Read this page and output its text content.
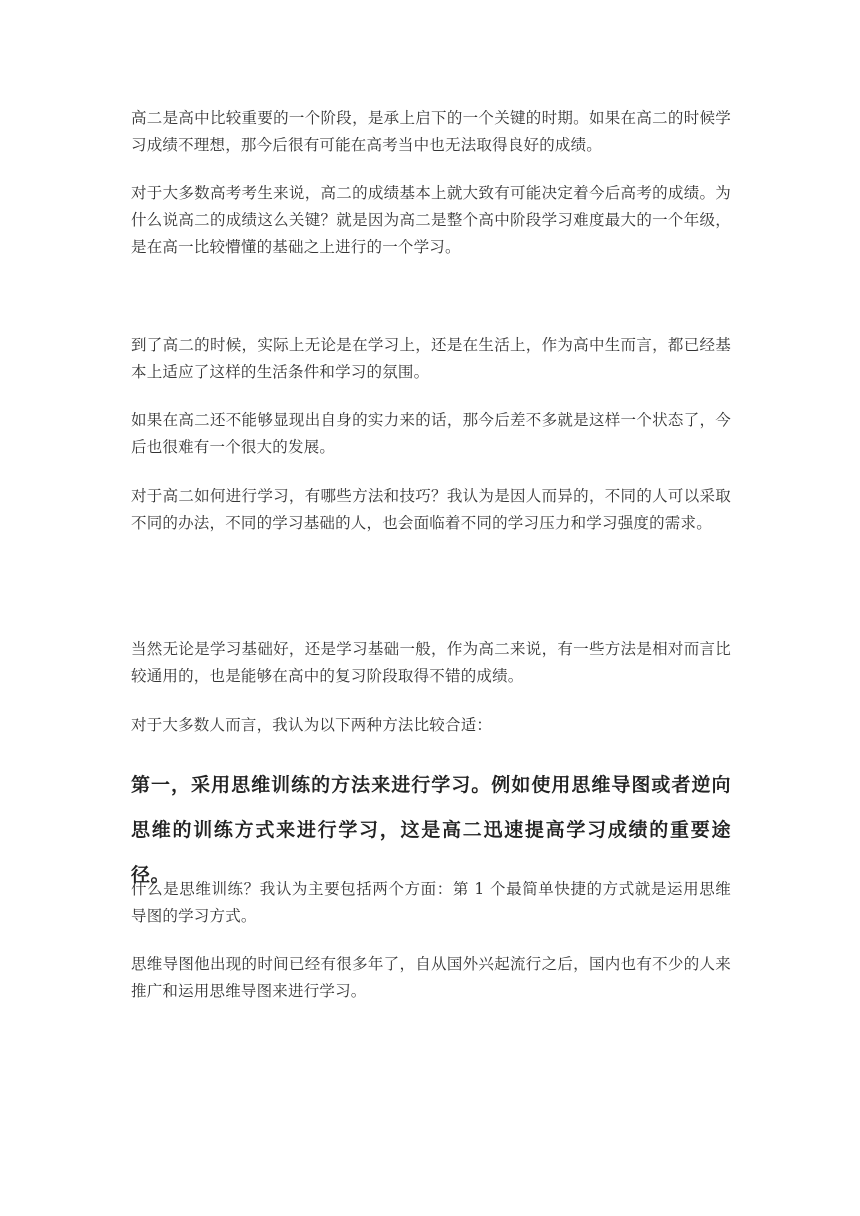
高二是高中比较重要的一个阶段，是承上启下的一个关键的时期。如果在高二的时候学习成绩不理想，那今后很有可能在高考当中也无法取得良好的成绩。

对于大多数高考考生来说，高二的成绩基本上就大致有可能决定着今后高考的成绩。为什么说高二的成绩这么关键？就是因为高二是整个高中阶段学习难度最大的一个年级，是在高一比较懵懂的基础之上进行的一个学习。

到了高二的时候，实际上无论是在学习上，还是在生活上，作为高中生而言，都已经基本上适应了这样的生活条件和学习的氛围。

如果在高二还不能够显现出自身的实力来的话，那今后差不多就是这样一个状态了，今后也很难有一个很大的发展。

对于高二如何进行学习，有哪些方法和技巧？我认为是因人而异的，不同的人可以采取不同的办法，不同的学习基础的人，也会面临着不同的学习压力和学习强度的需求。

当然无论是学习基础好，还是学习基础一般，作为高二来说，有一些方法是相对而言比较通用的，也是能够在高中的复习阶段取得不错的成绩。

对于大多数人而言，我认为以下两种方法比较合适：

第一，采用思维训练的方法来进行学习。例如使用思维导图或者逆向思维的训练方式来进行学习，这是高二迅速提高学习成绩的重要途径。

什么是思维训练？我认为主要包括两个方面：第 1 个最简单快捷的方式就是运用思维导图的学习方式。

思维导图他出现的时间已经有很多年了，自从国外兴起流行之后，国内也有不少的人来推广和运用思维导图来进行学习。
